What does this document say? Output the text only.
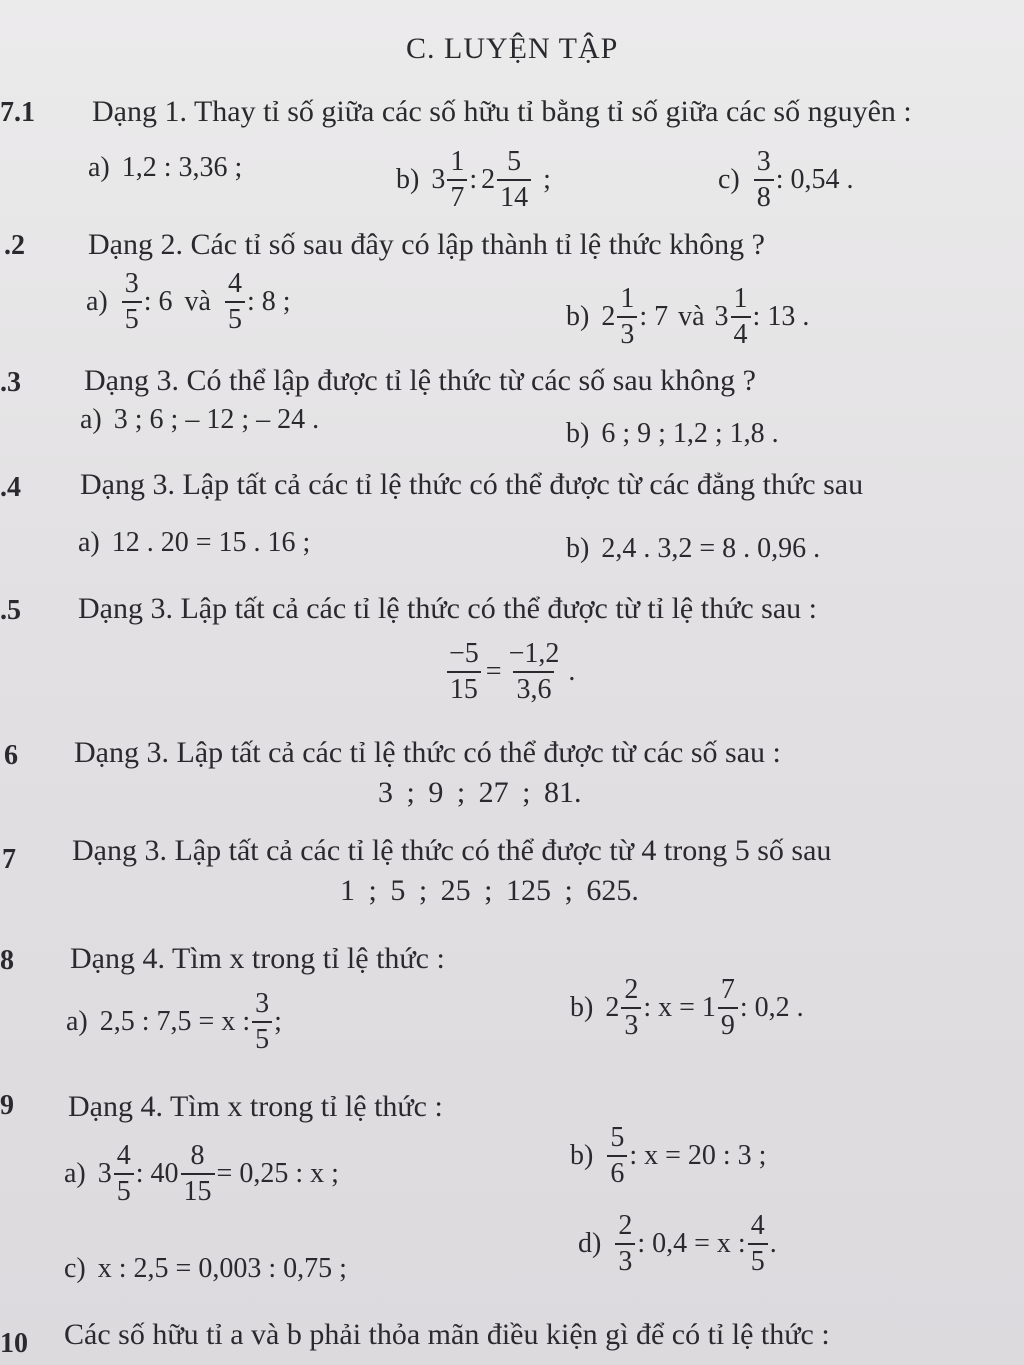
C. LUYỆN TẬP
7.1 Dạng 1. Thay tỉ số giữa các số hữu tỉ bằng tỉ số giữa các số nguyên :
a) 1,2 : 3,36 ;	b) $3 \frac{1}{7}$ : $2 \frac{5}{14}$ ;	$c) \frac{3}{8}$ : 0,54 .
.2 Dạng 2. Các tỉ số sau đây có lập thành tỉ lệ thức không ?
$a) \frac{3}{5}$ : 6 và $\frac{4}{5}$ : 8 ;	b) $2 \frac{1}{3}$ : 7 và $3 \frac{1}{4}$ : 13 .
.3 Dạng 3. Có thể lập được tỉ lệ thức từ các số sau không ?
a) 3 ; 6 ; – 12 ; – 24 .	b) 6 ; 9 ; 1,2 ; 1,8 .
.4 Dạng 3. Lập tất cả các tỉ lệ thức có thể được từ các đẳng thức sau
a) 12 . 20 = 15 . 16 ;	b) 2,4 . 3,2 = 8 . 0,96 .
.5 Dạng 3. Lập tất cả các tỉ lệ thức có thể được từ tỉ lệ thức sau :
$\frac{-5}{15} = \frac{-1,2}{3,6}$ .
6 Dạng 3. Lập tất cả các tỉ lệ thức có thể được từ các số sau :
3 ; 9 ; 27 ; 81.
7 Dạng 3. Lập tất cả các tỉ lệ thức có thể được từ 4 trong 5 số sau
1 ; 5 ; 25 ; 125 ; 625.
8 Dạng 4. Tìm x trong tỉ lệ thức :
a) 2,5 : 7,5 = x : $\frac{3}{5}$ ;	b) $2 \frac{2}{3}$ : $x = 1 \frac{7}{9}$ : 0,2 .
9 Dạng 4. Tìm x trong tỉ lệ thức :
a) $3 \frac{4}{5}$ : $40 \frac{8}{15} = 0,25$ : x ;
$b) \frac{5}{6}$ : x = 20 : 3 ;
c) x : 2,5 = 0,003 : 0,75 ;
$d) \frac{2}{3}$ : 0,4 = x : $\frac{4}{5}$ .
10 Các số hữu tỉ a và b phải thỏa mãn điều kiện gì để có tỉ lệ thức :
